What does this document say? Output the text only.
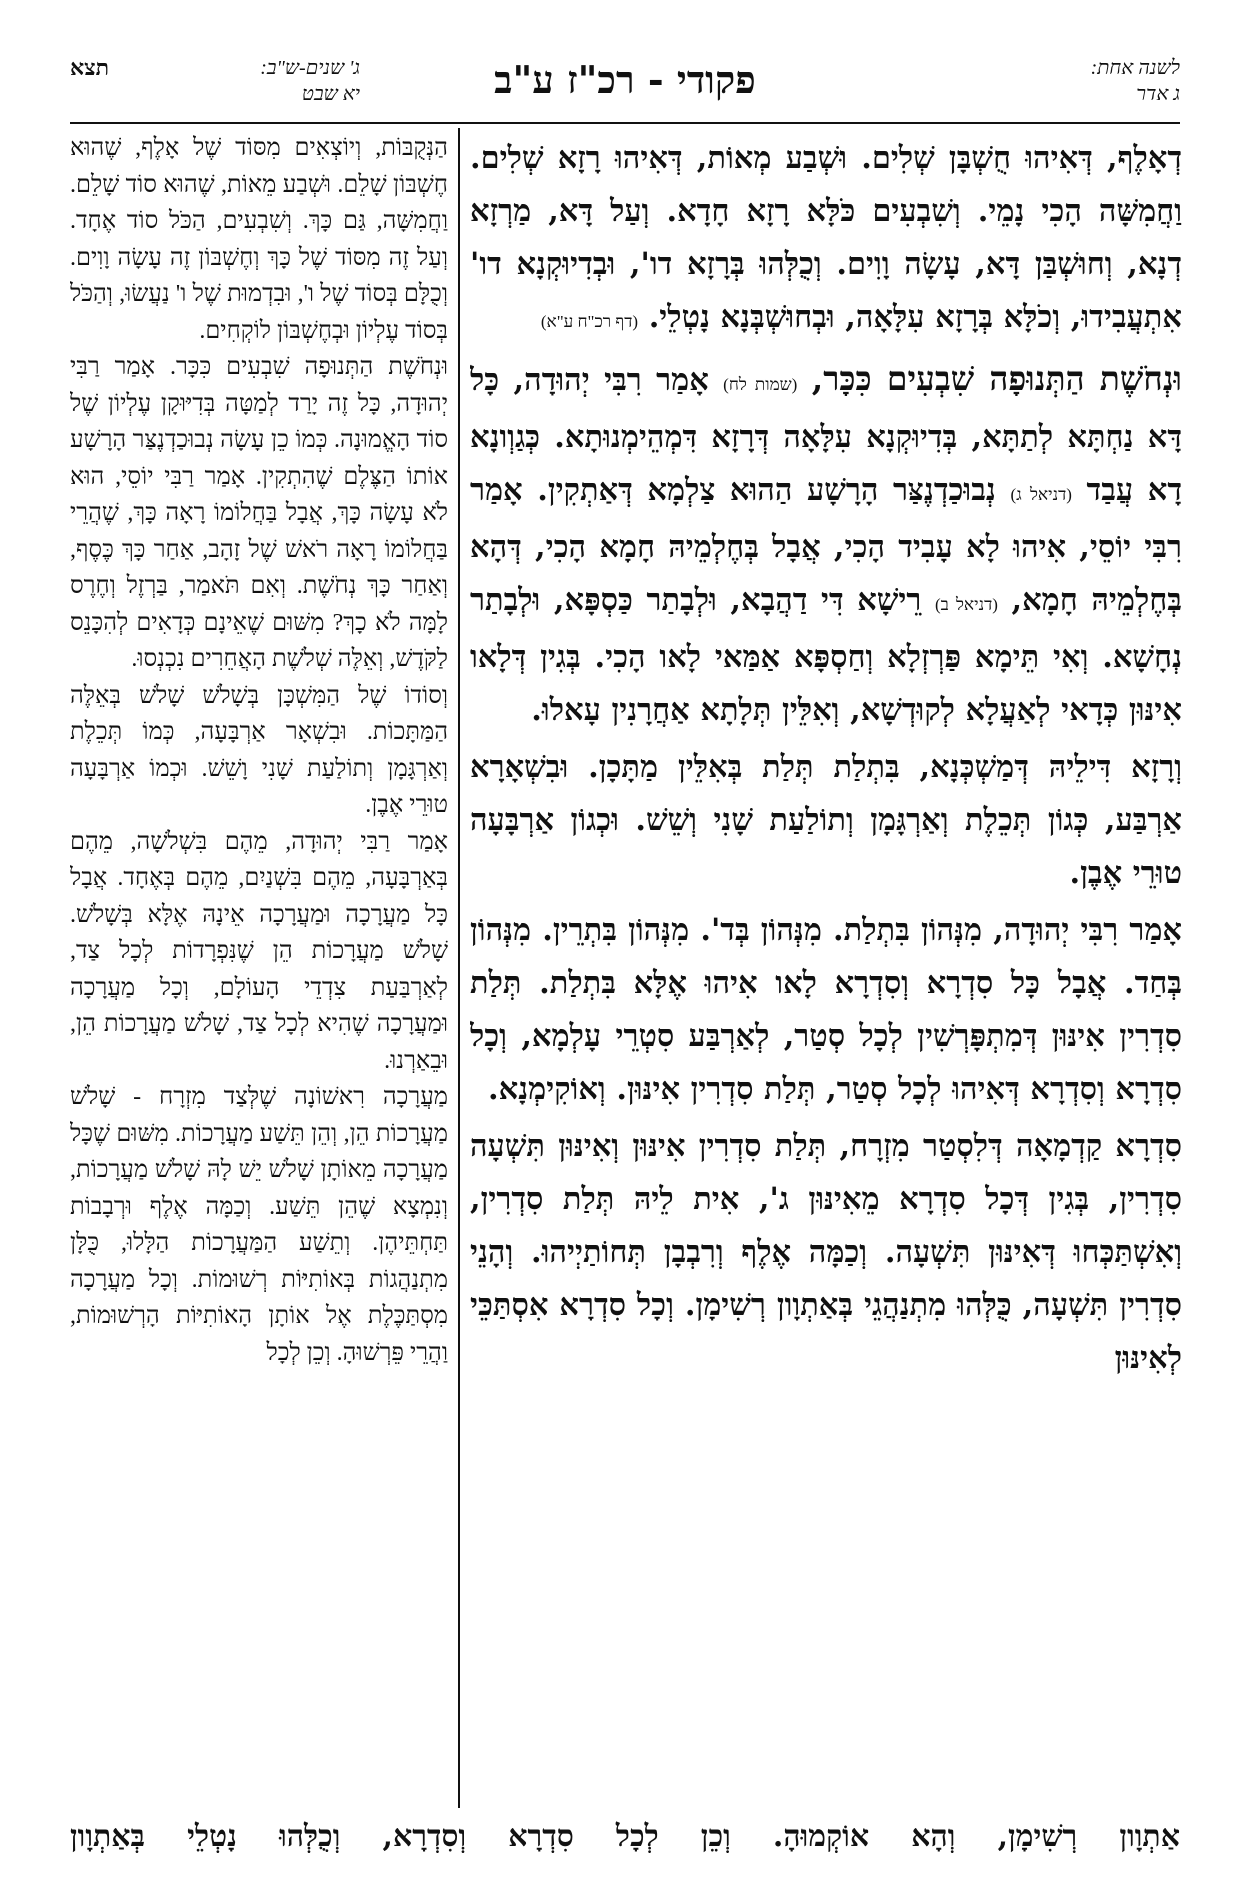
לשנה אחת:
ג אדר
פקודי - רכ"ז ע"ב
ג' שנים-ש"ב:
יא שבט
תצא

דְאָלֶף, דְּאִיהוּ חֻשְׁבָּן שְׁלִים. וּשְׁבַע מְאוֹת, דְּאִיהוּ רָזָא שְׁלִים. וַחֲמִשָּׁה הָכִי נָמֵי. וְשִׁבְעִים כֹּלָּא רָזָא חָדָא. וְעַל דָּא, מַרְזָא דְנָא, וְחוּשְׁבַּן דָּא, עָשָׂה וָוִים. וְכֻלְּהוּ בְּרָזָא דו', וּבְדִיוּקְנָא דו' אִתְעֲבִידוּ, וְכֹלָּא בְּרָזָא עִלָּאָה, וּבְחוּשְׁבְּנָא נָטְלֵי. (דף רכ"ח ע"א)

וּנְחֹשֶׁת הַתְּנוּפָה שִׁבְעִים כִּכָּר, (שמות לח) אָמַר רִבִּי יְהוּדָה, כָּל דָּא נַחְתָּא לְתַתָּא, בְּדִיוּקְנָא עִלָּאָה דְּרָזָא דִּמְהֵימְנוּתָא. כְּגַוְונָא דָא עֲבַד (דניאל ג) נְבוּכַדְנֶצַּר הָרָשָׁע הַהוּא צַלְמָא דְּאַתְקִין. אָמַר רִבִּי יוֹסֵי, אִיהוּ לָא עָבִיד הָכִי, אֲבָל בְּחֶלְמֵיהּ חָמָא הָכִי, דְּהָא בְּחֶלְמֵיהּ חָמָא, (דניאל ב) רֵישָׁא דִּי דַהֲבָא, וּלְבָתַר כַּסְפָּא, וּלְבָתַר נְחָשָׁא. וְאִי תֵּימָא פַּרְזְלָא וְחַסְפָּא אַמַּאי לָאו הָכִי. בְּגִין דְּלָאו אִינּוּן כְּדָאי לְאַעֲלָא לְקוּדְשָׁא, וְאִלֵּין תְּלָתָא אַחֲרָנִין עָאלוּ.

וְרָזָא דִּילֵיהּ דְּמַשְׁכְּנָא, בִּתְלַת תְּלַת בְּאִלֵּין מַתָּכָן. וּבִשְׁאָרָא אַרְבַּע, כְּגוֹן תְּכֵלֶת וְאַרְגָּמָן וְתוֹלַעַת שָׁנִי וְשֵׁשׁ. וּכְגוֹן אַרְבָּעָה טוּרֵי אֶבֶן.

אָמַר רִבִּי יְהוּדָה, מִנְּהוֹן בִּתְלַת. מִנְּהוֹן בְּד'. מִנְּהוֹן בִּתְרֵין. מִנְּהוֹן בְּחַד. אֲבָל כָּל סִדְרָא וְסִדְרָא לָאו אִיהוּ אֶלָּא בִּתְלַת. תְּלַת סִדְרִין אִינּוּן דְּמִתְפָּרְשִׁין לְכָל סְטַר, לְאַרְבַּע סִטְרֵי עָלְמָא, וְכָל סִדְרָא וְסִדְרָא דְּאִיהוּ לְכָל סְטַר, תְּלַת סִדְרִין אִינּוּן. וְאוֹקִימְנָא.

סִדְרָא קַדְמָאָה דְּלִסְטַר מִזְרָח, תְּלַת סִדְרִין אִינּוּן וְאִינּוּן תִּשְׁעָה סִדְרִין, בְּגִין דְּכָל סִדְרָא מֵאִינּוּן ג', אִית לֵיהּ תְּלַת סִדְרִין, וְאִשְׁתַּכְּחוּ דְּאִינּוּן תִּשְׁעָה. וְכַמָּה אֶלֶף וְרִבְבָן תְּחוֹתַיְיהוּ. וְהָנֵי סִדְרִין תִּשְׁעָה, כֻּלְּהוּ מִתְנַהֲגֵי בְּאַתְוָון רְשִׁימָן. וְכָל סִדְרָא אִסְתַּכֵּי לְאִינּוּן

הַנְּקֻבּוֹת, וְיוֹצְאִים מִסּוֹד שֶׁל אָלֶף, שֶׁהוּא חֶשְׁבּוֹן שָׁלֵם. וּשְׁבַע מֵאוֹת, שֶׁהוּא סוֹד שָׁלֵם. וַחֲמִשָּׁה, גַּם כָּךְ. וְשִׁבְעִים, הַכֹּל סוֹד אֶחָד. וְעַל זֶה מִסּוֹד שֶׁל כָּךְ וְחֶשְׁבּוֹן זֶה עָשָׂה וָוִים. וְכֻלָּם בְּסוֹד שֶׁל ו', וּבִדְמוּת שֶׁל ו' נַעֲשׂוּ, וְהַכֹּל בְּסוֹד עֶלְיוֹן וּבְחֶשְׁבּוֹן לוֹקְחִים.

וּנְחֹשֶׁת הַתְּנוּפָה שִׁבְעִים כִּכָּר. אָמַר רַבִּי יְהוּדָה, כָּל זֶה יָרַד לְמַטָּה בְּדִיּוּקָן עֶלְיוֹן שֶׁל סוֹד הָאֱמוּנָה. כְּמוֹ כֵן עָשָׂה נְבוּכַדְנֶצַּר הָרָשָׁע אוֹתוֹ הַצֶּלֶם שֶׁהִתְקִין. אָמַר רַבִּי יוֹסֵי, הוּא לֹא עָשָׂה כָּךְ, אֲבָל בַּחֲלוֹמוֹ רָאָה כָּךְ, שֶׁהֲרֵי בַּחֲלוֹמוֹ רָאָה רֹאשׁ שֶׁל זָהָב, אַחַר כָּךְ כֶּסֶף, וְאַחַר כָּךְ נְחֹשֶׁת. וְאִם תֹּאמַר, בַּרְזֶל וְחֶרֶס לָמָּה לֹא כָךְ? מִשּׁוּם שֶׁאֵינָם כְּדָאִים לְהִכָּנֵס לַקֹּדֶשׁ, וְאֵלֶּה שְׁלֹשֶׁת הָאֲחֵרִים נִכְנְסוּ.

וְסוֹדוֹ שֶׁל הַמִּשְׁכָּן בְּשָׁלֹשׁ שָׁלֹשׁ בְּאֵלֶּה הַמַּתָּכוֹת. וּבִשְׁאָר אַרְבָּעָה, כְּמוֹ תְּכֵלֶת וְאַרְגָּמָן וְתוֹלַעַת שָׁנִי וָשֵׁשׁ. וּכְמוֹ אַרְבָּעָה טוּרֵי אֶבֶן.

אָמַר רַבִּי יְהוּדָה, מֵהֶם בִּשְׁלֹשָׁה, מֵהֶם בְּאַרְבָּעָה, מֵהֶם בִּשְׁנַיִם, מֵהֶם בְּאֶחָד. אֲבָל כָּל מַעֲרָכָה וּמַעֲרָכָה אֵינָהּ אֶלָּא בְּשָׁלֹשׁ. שָׁלֹשׁ מַעֲרָכוֹת הֵן שֶׁנִּפְרָדוֹת לְכָל צַד, לְאַרְבַּעַת צִדְדֵי הָעוֹלָם, וְכָל מַעֲרָכָה וּמַעֲרָכָה שֶׁהִיא לְכָל צַד, שָׁלֹשׁ מַעֲרָכוֹת הֵן, וּבֵאַרְנוּ.

מַעֲרָכָה רִאשׁוֹנָה שֶׁלְּצַד מִזְרָח - שָׁלֹשׁ מַעֲרָכוֹת הֵן, וְהֵן תֵּשַׁע מַעֲרָכוֹת. מִשּׁוּם שֶׁכָּל מַעֲרָכָה מֵאוֹתָן שָׁלֹשׁ יֵשׁ לָהּ שָׁלֹשׁ מַעֲרָכוֹת, וְנִמְצָא שֶׁהֵן תֵּשַׁע. וְכַמָּה אֶלֶף וּרְבָבוֹת תַּחְתֵּיהֶן. וְתֵשַׁע הַמַּעֲרָכוֹת הַלָּלוּ, כֻּלָּן מִתְנַהֲגוֹת בְּאוֹתִיּוֹת רְשׁוּמוֹת. וְכָל מַעֲרָכָה מִסְתַּכֶּלֶת אֶל אוֹתָן הָאוֹתִיּוֹת הָרְשׁוּמוֹת, וַהֲרֵי פֵּרְשׁוּהָ. וְכֵן לְכָל

אַתְוָון רְשִׁימָן, וְהָא אוֹקְמוּהָ. וְכֵן לְכָל סִדְרָא וְסִדְרָא, וְכֻלְּהוּ נָטְלֵי בְּאַתְוָון
